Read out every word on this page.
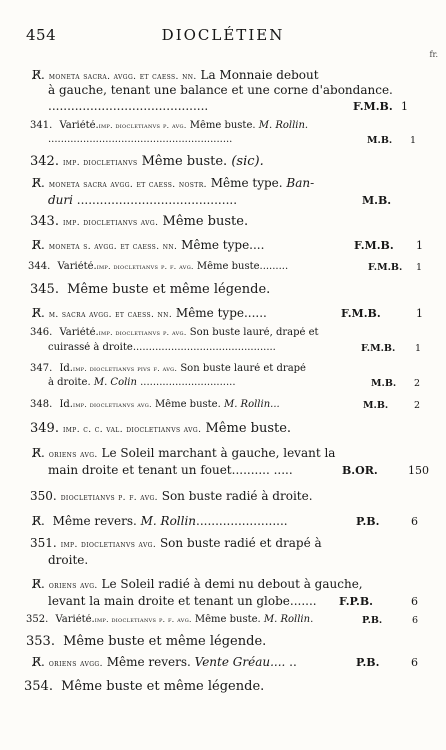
454	DIOCLÉTIEN
fr.
R̸. moneta sacra. avgg. et caess. nn. La Monnaie debout
à gauche, tenant une balance et une corne d'abondance.
..........................................	F.M.B. 1
341. Variété.imp. diocletianvs p. avg. Même buste. M. Rollin.
..........................................................	M.B. 1
342. imp. diocletianvs Même buste. (sic).
R̸. moneta sacra avgg. et caess. nostr. Même type. Ban-
duri ..........................................	M.B.
343. imp. diocletianvs avg. Même buste.
R̸. moneta s. avgg. et caess. nn. Même type....	F.M.B. 1
344. Variété.imp. diocletianvs p. f. avg. Même buste.........	F.M.B. 1
345. Même buste et même légende.
R̸. m. sacra avgg. et caess. nn. Même type......	F.M.B.	1
346. Variété.imp. diocletianvs p. avg. Son buste lauré, drapé et
cuirassé à droite.............................................	F.M.B. 1
347. Id.imp. diocletianvs pivs f. avg. Son buste lauré et drapé
à droite. M. Colin ..............................	M.B. 2
348. Id.imp. diocletianvs avg. Même buste. M. Rollin...	M.B.	2
349. imp. c. c. val. diocletianvs avg. Même buste.
R̸. oriens avg. Le Soleil marchant à gauche, levant la
main droite et tenant un fouet.......... .....	B.OR.	150
350. diocletianvs p. f. avg. Son buste radié à droite.
R̸. Même revers. M. Rollin........................	P.B.	6
351. imp. diocletianvs avg. Son buste radié et drapé à
droite.
R̸. oriens avg. Le Soleil radié à demi nu debout à gauche,
levant la main droite et tenant un globe.......	F.P.B.	6
352. Variété.imp. diocletianvs p. f. avg. Même buste. M. Rollin.	P.B.	6
353. Même buste et même légende.
R̸. oriens avgg. Même revers. Vente Gréau.... ..	P.B.	6
354. Même buste et même légende.
